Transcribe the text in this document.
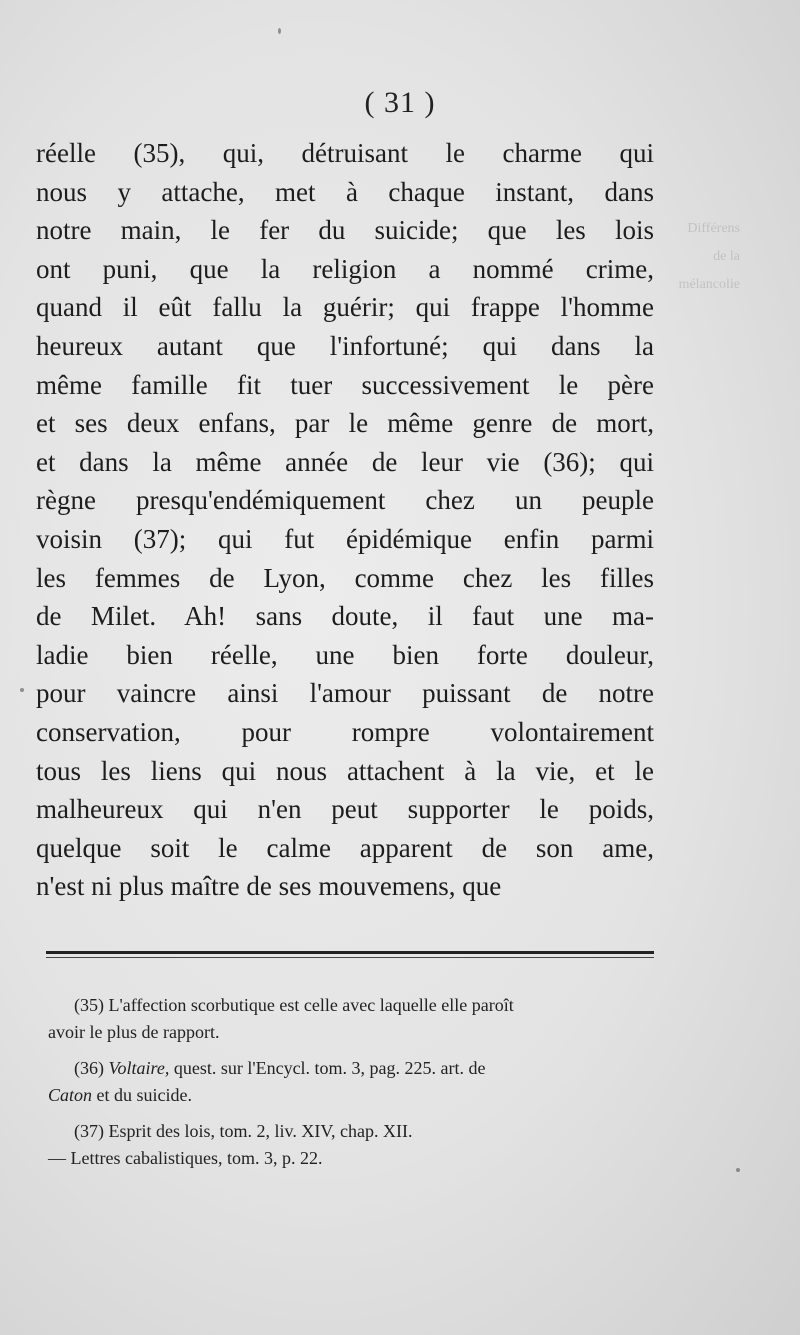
Différens
de la
mélancolie
( 31 )
réelle (35), qui, détruisant le charme qui
nous y attache, met à chaque instant, dans
notre main, le fer du suicide; que les lois
ont puni, que la religion a nommé crime,
quand il eût fallu la guérir; qui frappe l'homme
heureux autant que l'infortuné; qui dans la
même famille fit tuer successivement le père
et ses deux enfans, par le même genre de mort,
et dans la même année de leur vie (36); qui
règne presqu'endémiquement chez un peuple
voisin (37); qui fut épidémique enfin parmi
les femmes de Lyon, comme chez les filles
de Milet. Ah! sans doute, il faut une ma-
ladie bien réelle, une bien forte douleur,
pour vaincre ainsi l'amour puissant de notre
conservation, pour rompre volontairement
tous les liens qui nous attachent à la vie, et le
malheureux qui n'en peut supporter le poids,
quelque soit le calme apparent de son ame,
n'est ni plus maître de ses mouvemens, que
(35) L'affection scorbutique est celle avec laquelle elle paroît
avoir le plus de rapport.
(36) Voltaire, quest. sur l'Encycl. tom. 3, pag. 225. art. de
Caton et du suicide.
(37) Esprit des lois, tom. 2, liv. XIV, chap. XII.
— Lettres cabalistiques, tom. 3, p. 22.
